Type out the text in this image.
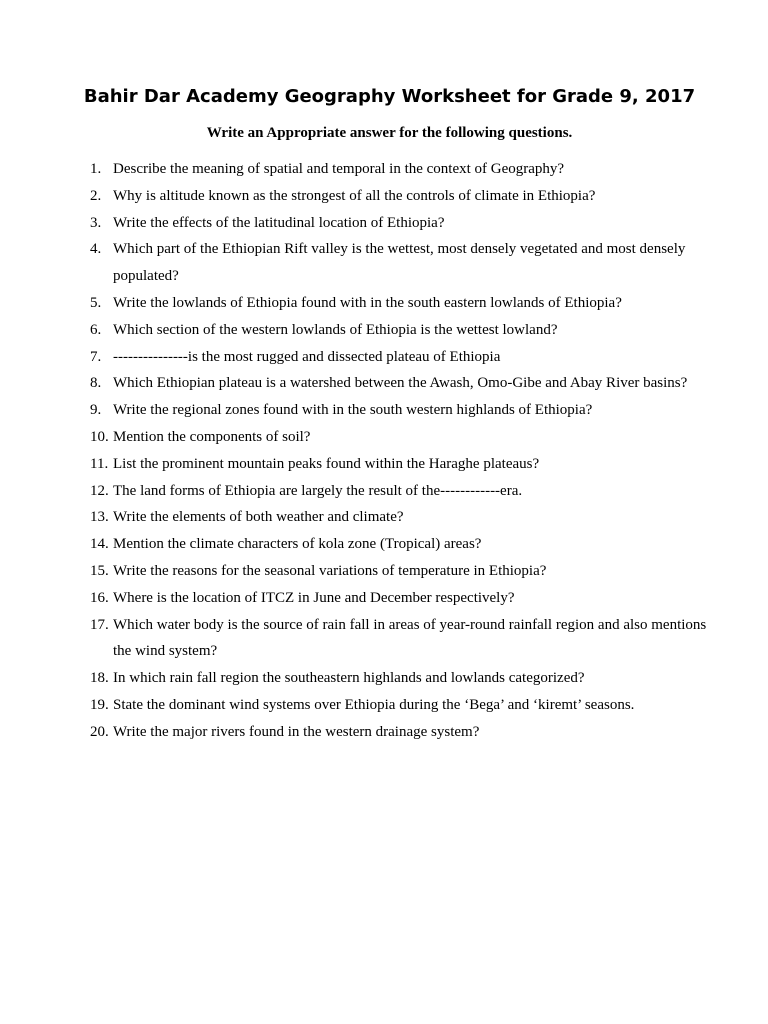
Bahir Dar Academy Geography Worksheet for Grade 9, 2017
Write an Appropriate answer for the following questions.
1. Describe the meaning of spatial and temporal in the context of Geography?
2. Why is altitude known as the strongest of all the controls of climate in Ethiopia?
3. Write the effects of the latitudinal location of Ethiopia?
4. Which part of the Ethiopian Rift valley is the wettest, most densely vegetated and most densely populated?
5. Write the lowlands of Ethiopia found with in the south eastern lowlands of Ethiopia?
6. Which section of the western lowlands of Ethiopia is the wettest lowland?
7. ---------------is the most rugged and dissected plateau of Ethiopia
8. Which Ethiopian plateau is a watershed between the Awash, Omo-Gibe and Abay River basins?
9. Write the regional zones found with in the south western highlands of Ethiopia?
10. Mention the components of soil?
11. List the prominent mountain peaks found within the Haraghe plateaus?
12. The land forms of Ethiopia are largely the result of the------------era.
13. Write the elements of both weather and climate?
14. Mention the climate characters of kola zone (Tropical) areas?
15. Write the reasons for the seasonal variations of temperature in Ethiopia?
16. Where is the location of ITCZ in June and December respectively?
17. Which water body is the source of rain fall in areas of year-round rainfall region and also mentions the wind system?
18. In which rain fall region the southeastern highlands and lowlands categorized?
19. State the dominant wind systems over Ethiopia during the ‘Bega’ and ‘kiremt’ seasons.
20. Write the major rivers found in the western drainage system?
